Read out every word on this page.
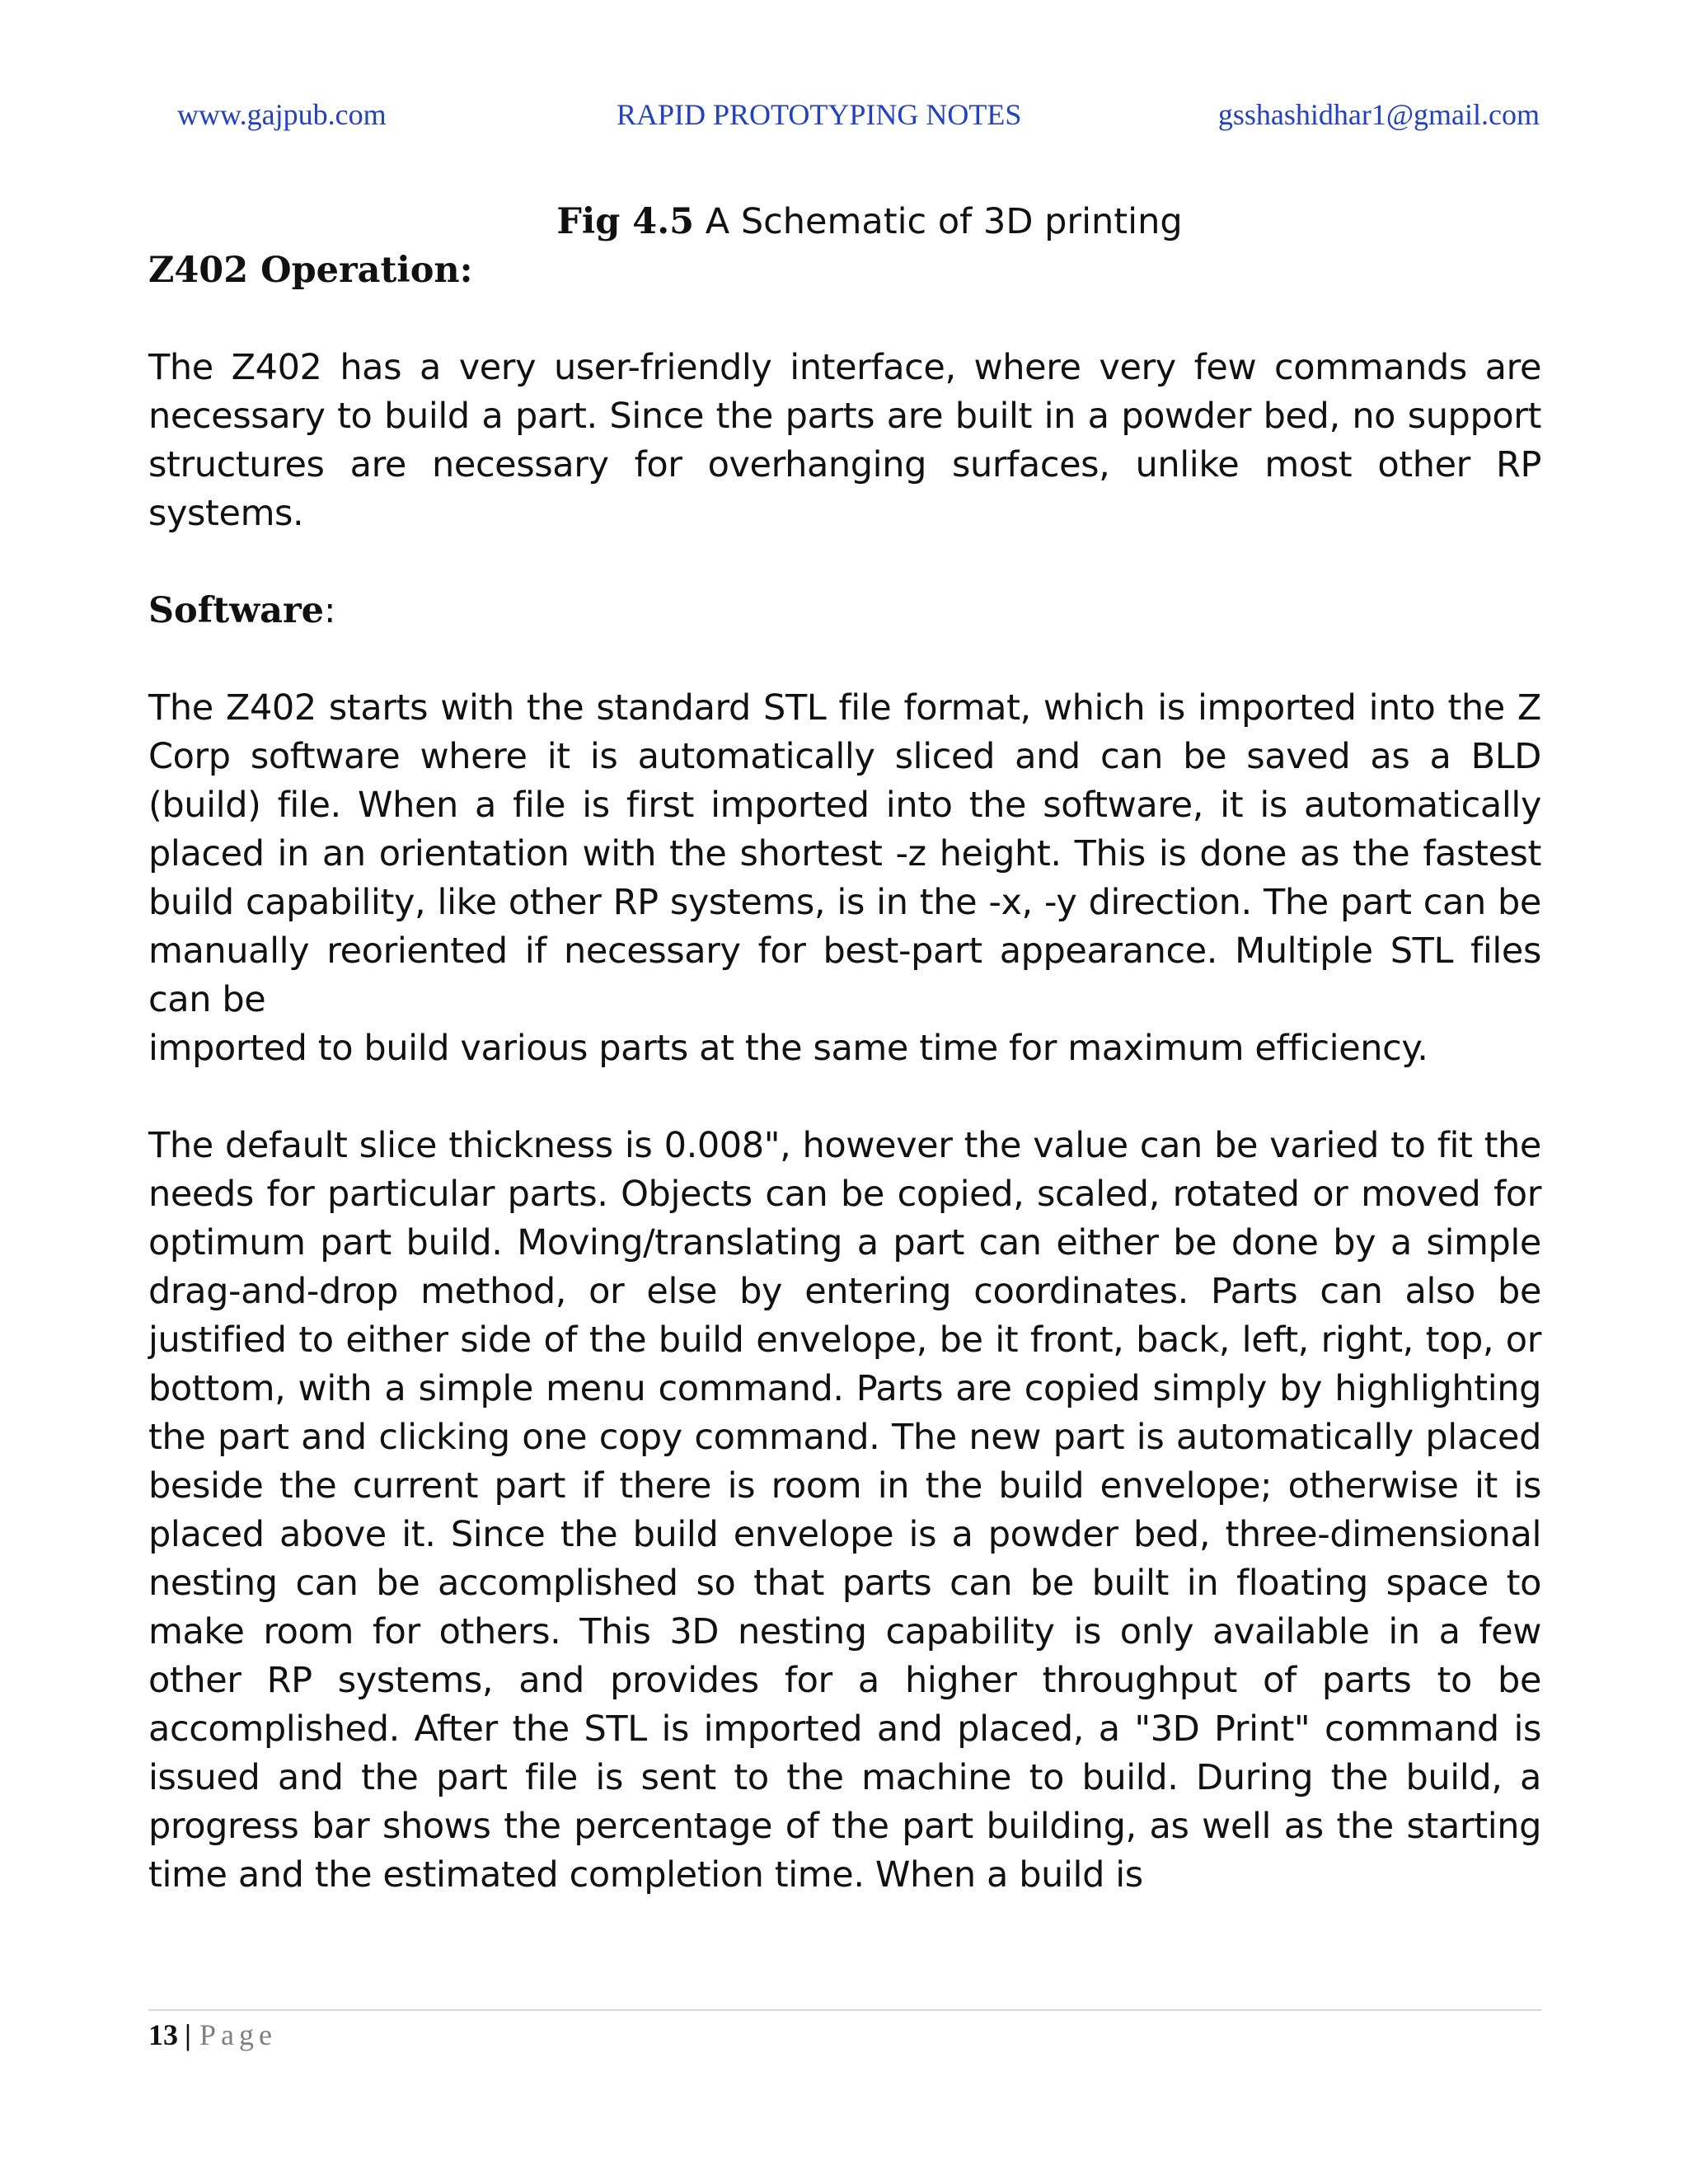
www.gajpub.com	RAPID PROTOTYPING NOTES	gsshashidhar1@gmail.com

Fig 4.5 A Schematic of 3D printing

Z402 Operation:

The Z402 has a very user-friendly interface, where very few commands are necessary to build a part. Since the parts are built in a powder bed, no support structures are necessary for overhanging surfaces, unlike most other RP systems.

Software:

The Z402 starts with the standard STL file format, which is imported into the Z Corp software where it is automatically sliced and can be saved as a BLD (build) file. When a file is first imported into the software, it is automatically placed in an orientation with the shortest -z height. This is done as the fastest build capability, like other RP systems, is in the -x, -y direction. The part can be manually reoriented if necessary for best-part appearance. Multiple STL files can be

imported to build various parts at the same time for maximum efficiency.

The default slice thickness is 0.008", however the value can be varied to fit the needs for particular parts. Objects can be copied, scaled, rotated or moved for optimum part build. Moving/translating a part can either be done by a simple drag-and-drop method, or else by entering coordinates. Parts can also be justified to either side of the build envelope, be it front, back, left, right, top, or bottom, with a simple menu command. Parts are copied simply by highlighting the part and clicking one copy command. The new part is automatically placed beside the current part if there is room in the build envelope; otherwise it is placed above it. Since the build envelope is a powder bed, three-dimensional nesting can be accomplished so that parts can be built in floating space to make room for others. This 3D nesting capability is only available in a few other RP systems, and provides for a higher throughput of parts to be accomplished. After the STL is imported and placed, a "3D Print" command is issued and the part file is sent to the machine to build. During the build, a progress bar shows the percentage of the part building, as well as the starting time and the estimated completion time. When a build is

13 | Page
